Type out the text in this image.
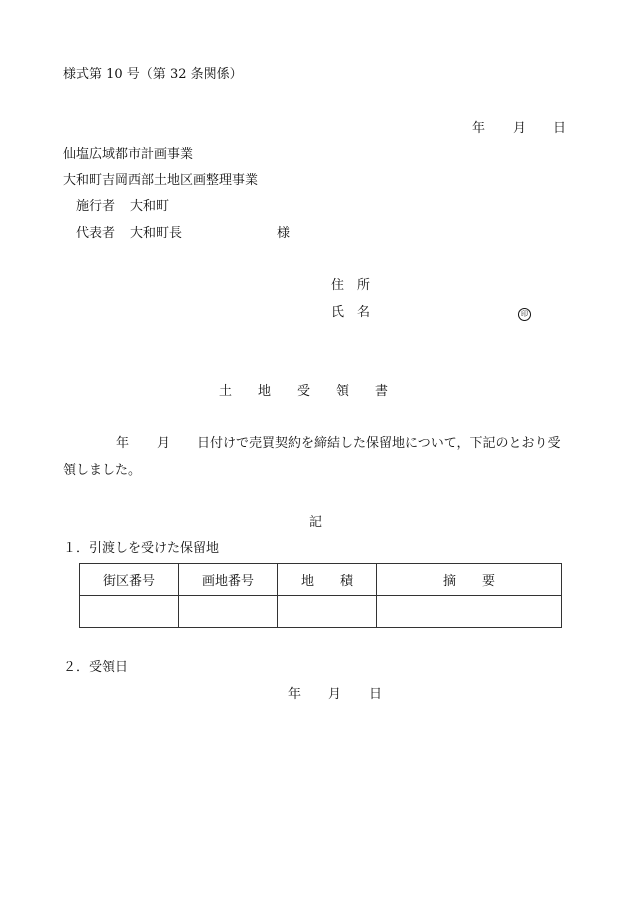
様式第 10 号（第 32 条関係）
年 月 日
仙塩広域都市計画事業
大和町吉岡西部土地区画整理事業
施行者 大和町
代表者 大和町長	様
住　所
氏　名	印
土　　地　　受　　領　　書
年 月 日付けで売買契約を締結した保留地について，下記のとおり受
領しました。
記
１．引渡しを受けた保留地
街区番号	画地番号	地　　積	摘　　要

２．受領日
年 月 日
